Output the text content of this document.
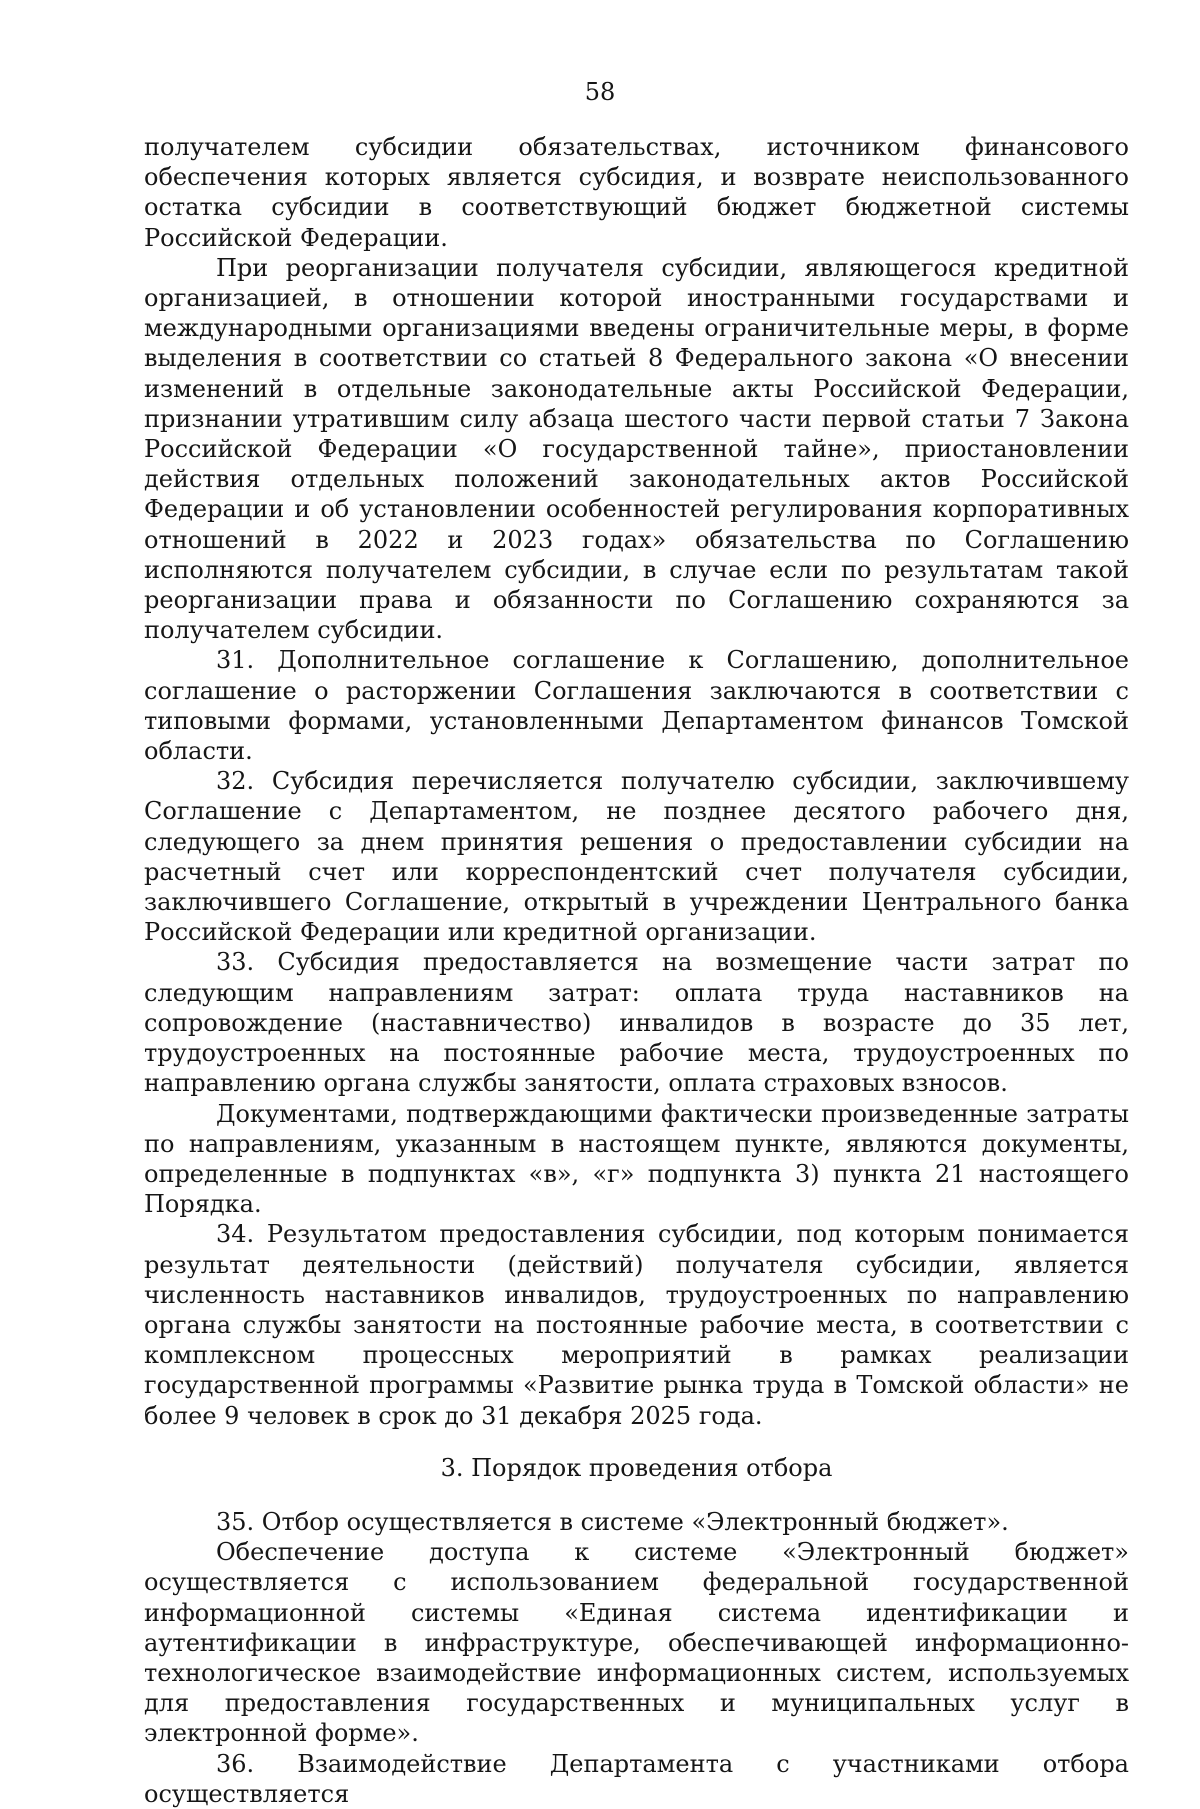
58

получателем субсидии обязательствах, источником финансового обеспечения которых является субсидия, и возврате неиспользованного остатка субсидии в соответствующий бюджет бюджетной системы Российской Федерации.

При реорганизации получателя субсидии, являющегося кредитной организацией, в отношении которой иностранными государствами и международными организациями введены ограничительные меры, в форме выделения в соответствии со статьей 8 Федерального закона «О внесении изменений в отдельные законодательные акты Российской Федерации, признании утратившим силу абзаца шестого части первой статьи 7 Закона Российской Федерации «О государственной тайне», приостановлении действия отдельных положений законодательных актов Российской Федерации и об установлении особенностей регулирования корпоративных отношений в 2022 и 2023 годах» обязательства по Соглашению исполняются получателем субсидии, в случае если по результатам такой реорганизации права и обязанности по Соглашению сохраняются за получателем субсидии.

31. Дополнительное соглашение к Соглашению, дополнительное соглашение о расторжении Соглашения заключаются в соответствии с типовыми формами, установленными Департаментом финансов Томской области.

32. Субсидия перечисляется получателю субсидии, заключившему Соглашение с Департаментом, не позднее десятого рабочего дня, следующего за днем принятия решения о предоставлении субсидии на расчетный счет или корреспондентский счет получателя субсидии, заключившего Соглашение, открытый в учреждении Центрального банка Российской Федерации или кредитной организации.

33. Субсидия предоставляется на возмещение части затрат по следующим направлениям затрат: оплата труда наставников на сопровождение (наставничество) инвалидов в возрасте до 35 лет, трудоустроенных на постоянные рабочие места, трудоустроенных по направлению органа службы занятости, оплата страховых взносов.

Документами, подтверждающими фактически произведенные затраты по направлениям, указанным в настоящем пункте, являются документы, определенные в подпунктах «в», «г» подпункта 3) пункта 21 настоящего Порядка.

34. Результатом предоставления субсидии, под которым понимается результат деятельности (действий) получателя субсидии, является численность наставников инвалидов, трудоустроенных по направлению органа службы занятости на постоянные рабочие места, в соответствии с комплексном процессных мероприятий в рамках реализации государственной программы «Развитие рынка труда в Томской области» не более 9 человек в срок до 31 декабря 2025 года.

3. Порядок проведения отбора

35. Отбор осуществляется в системе «Электронный бюджет».

Обеспечение доступа к системе «Электронный бюджет» осуществляется с использованием федеральной государственной информационной системы «Единая система идентификации и аутентификации в инфраструктуре, обеспечивающей информационно-технологическое взаимодействие информационных систем, используемых для предоставления государственных и муниципальных услуг в электронной форме».

36. Взаимодействие Департамента с участниками отбора осуществляется
